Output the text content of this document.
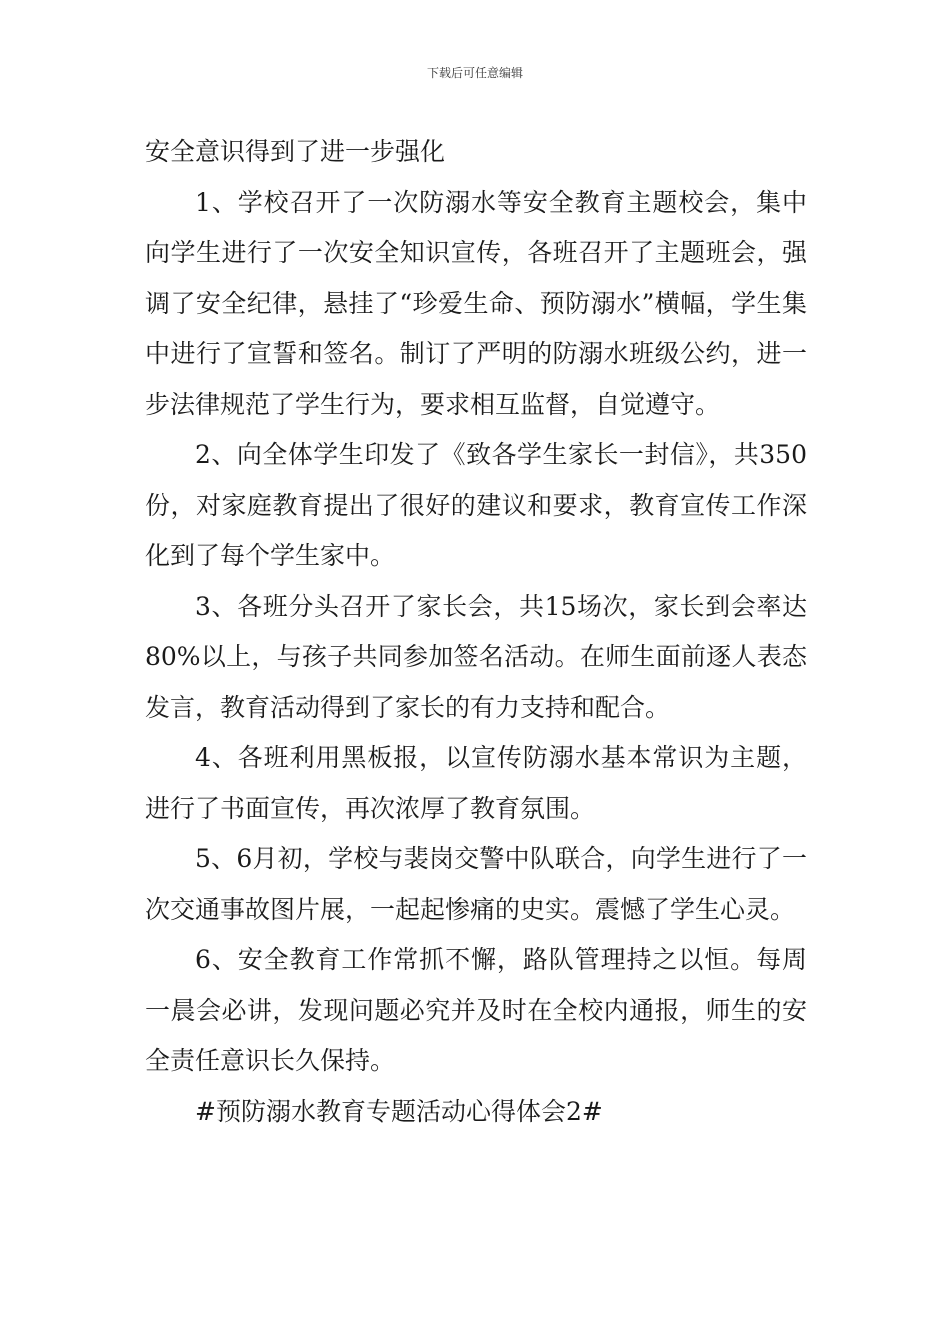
下载后可任意编辑

安全意识得到了进一步强化

1、学校召开了一次防溺水等安全教育主题校会，集中向学生进行了一次安全知识宣传，各班召开了主题班会，强调了安全纪律，悬挂了“珍爱生命、预防溺水”横幅，学生集中进行了宣誓和签名。制订了严明的防溺水班级公约，进一步法律规范了学生行为，要求相互监督，自觉遵守。

2、向全体学生印发了《致各学生家长一封信》，共350份，对家庭教育提出了很好的建议和要求，教育宣传工作深化到了每个学生家中。

3、各班分头召开了家长会，共15场次，家长到会率达80%以上，与孩子共同参加签名活动。在师生面前逐人表态发言，教育活动得到了家长的有力支持和配合。

4、各班利用黑板报，以宣传防溺水基本常识为主题，进行了书面宣传，再次浓厚了教育氛围。

5、6月初，学校与裴岗交警中队联合，向学生进行了一次交通事故图片展，一起起惨痛的史实。震憾了学生心灵。

6、安全教育工作常抓不懈，路队管理持之以恒。每周一晨会必讲，发现问题必究并及时在全校内通报，师生的安全责任意识长久保持。

#预防溺水教育专题活动心得体会2#
